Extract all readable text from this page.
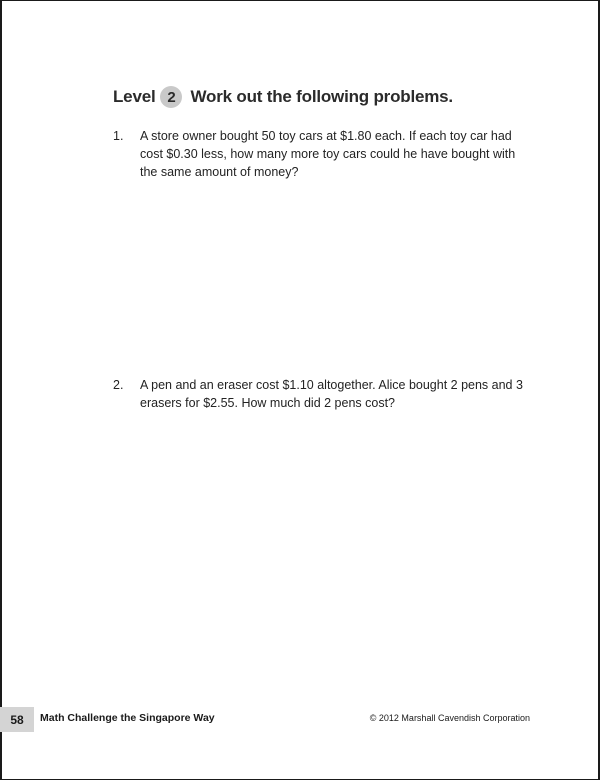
Level 2 Work out the following problems.
1.	A store owner bought 50 toy cars at $1.80 each. If each toy car had cost $0.30 less, how many more toy cars could he have bought with the same amount of money?
2.	A pen and an eraser cost $1.10 altogether. Alice bought 2 pens and 3 erasers for $2.55. How much did 2 pens cost?
58 Math Challenge the Singapore Way	© 2012 Marshall Cavendish Corporation
